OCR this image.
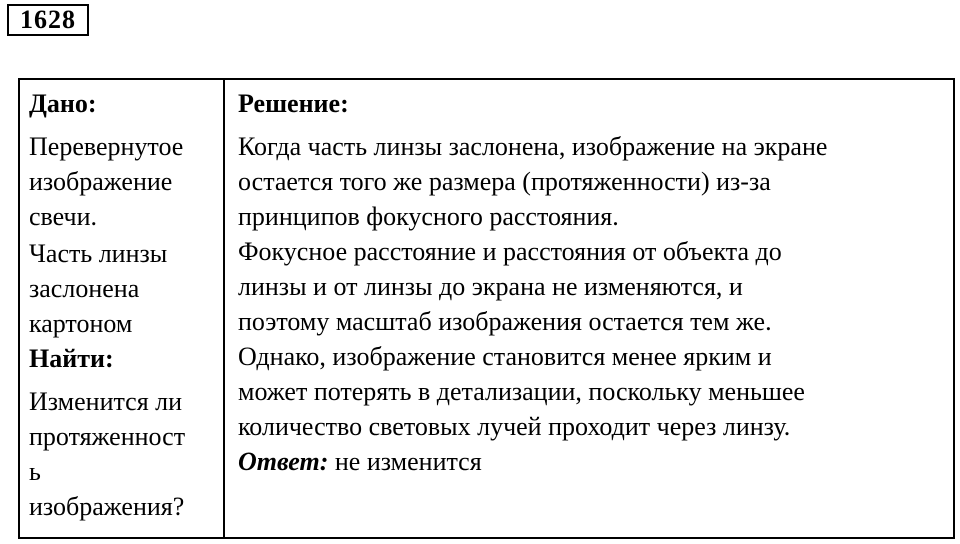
1628
Дано:
Перевернутое
изображение
свечи.
Часть линзы
заслонена
картоном
Найти:
Изменится ли
протяженност
ь
изображения?
Решение:
Когда часть линзы заслонена, изображение на экране
остается того же размера (протяженности) из-за
принципов фокусного расстояния.
Фокусное расстояние и расстояния от объекта до
линзы и от линзы до экрана не изменяются, и
поэтому масштаб изображения остается тем же.
Однако, изображение становится менее ярким и
может потерять в детализации, поскольку меньшее
количество световых лучей проходит через линзу.
Ответ: не изменится
